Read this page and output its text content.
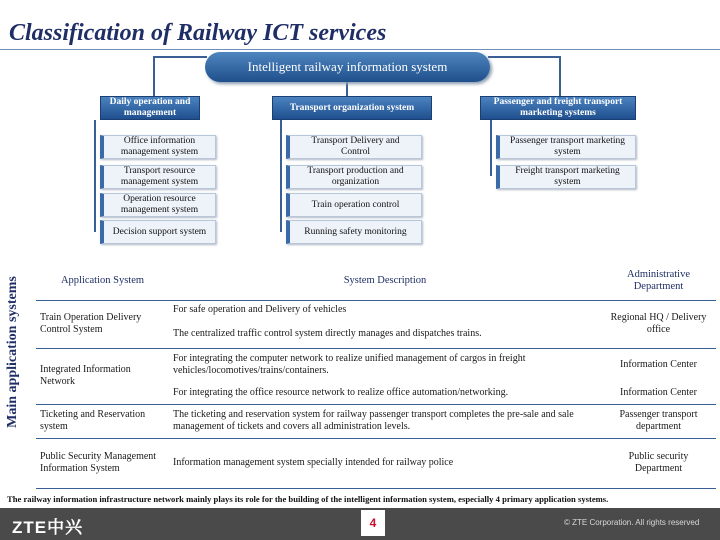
Classification of Railway ICT services
Intelligent railway information system
Daily operation and management
Office information management system
Transport resource management system
Operation resource management system
Decision support system
Transport organization system
Transport Delivery and Control
Transport production and organization
Train operation control
Running safety monitoring
Passenger and freight transport marketing systems
Passenger transport marketing system
Freight transport marketing system
Main application systems	Application System	System Description	Administrative Department
Train Operation Delivery Control System	For safe operation and Delivery of vehicles	Regional HQ / Delivery office
	The centralized traffic control system directly manages and dispatches trains.	
Integrated Information Network	For integrating the computer network to realize unified management of cargos in freight vehicles/locomotives/trains/containers.	Information Center
	For integrating the office resource network to realize office automation/networking.	Information Center
Ticketing and Reservation system	The ticketing and reservation system for railway passenger transport completes the pre-sale and sale management of tickets and covers all administration levels.	Passenger transport department
Public Security Management Information System	Information management system specially intended for railway police	Public security Department
The railway information infrastructure network mainly plays its role for the building of the intelligent information system, especially 4 primary application systems.
ZTE中兴	4	© ZTE Corporation. All rights reserved
